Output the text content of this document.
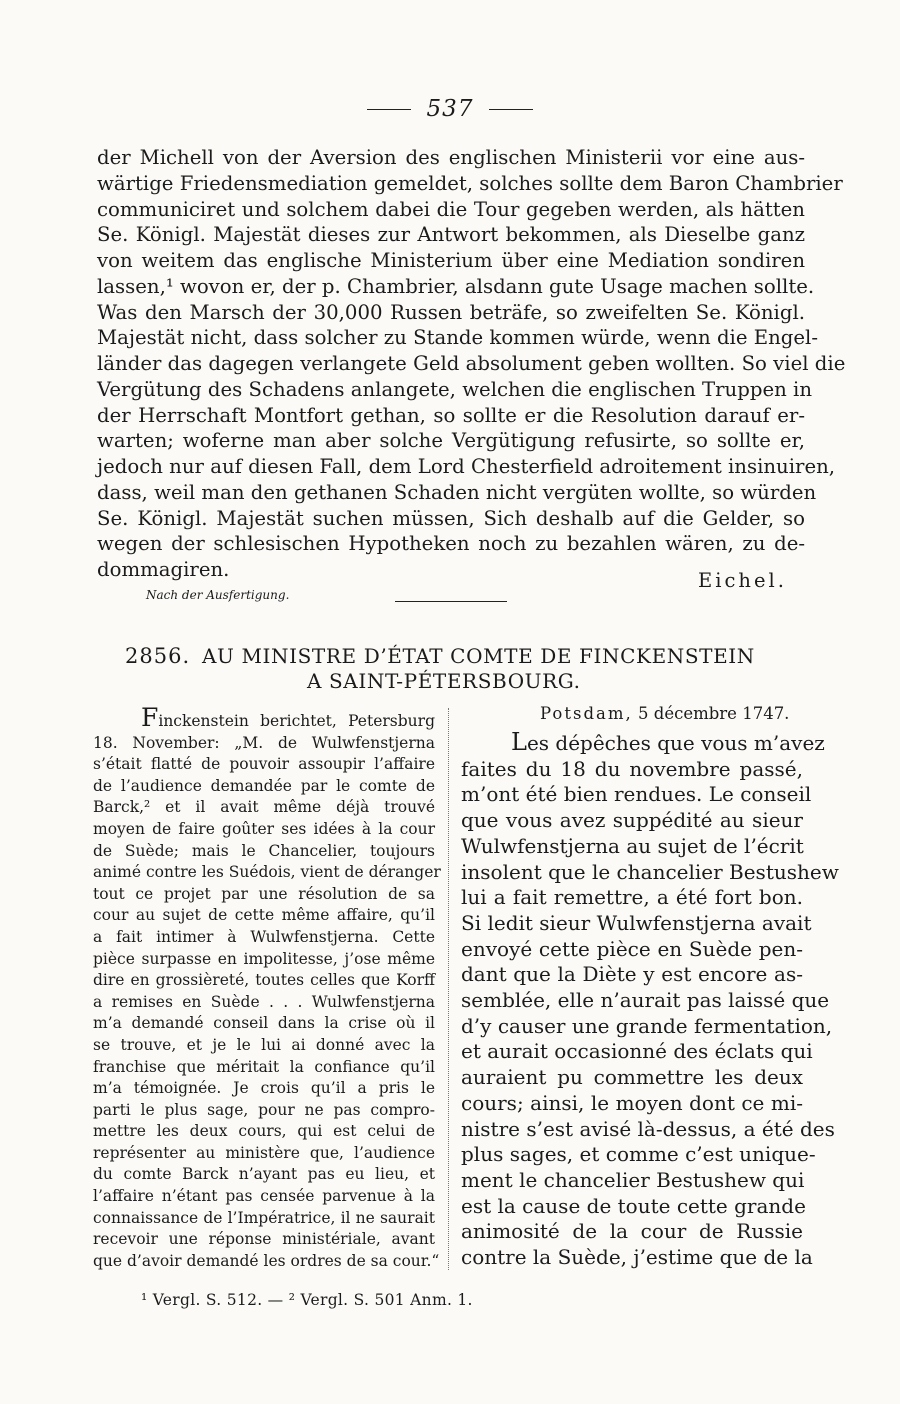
537
der Michell von der Aversion des englischen Ministerii vor eine aus-
wärtige Friedensmediation gemeldet, solches sollte dem Baron Chambrier
communiciret und solchem dabei die Tour gegeben werden, als hätten
Se. Königl. Majestät dieses zur Antwort bekommen, als Dieselbe ganz
von weitem das englische Ministerium über eine Mediation sondiren
lassen,¹ wovon er, der p. Chambrier, alsdann gute Usage machen sollte.
Was den Marsch der 30,000 Russen beträfe, so zweifelten Se. Königl.
Majestät nicht, dass solcher zu Stande kommen würde, wenn die Engel-
länder das dagegen verlangete Geld absolument geben wollten. So viel die
Vergütung des Schadens anlangete, welchen die englischen Truppen in
der Herrschaft Montfort gethan, so sollte er die Resolution darauf er-
warten; woferne man aber solche Vergütigung refusirte, so sollte er,
jedoch nur auf diesen Fall, dem Lord Chesterfield adroitement insinuiren,
dass, weil man den gethanen Schaden nicht vergüten wollte, so würden
Se. Königl. Majestät suchen müssen, Sich deshalb auf die Gelder, so
wegen der schlesischen Hypotheken noch zu bezahlen wären, zu de-
dommagiren.	Eichel.
Nach der Ausfertigung.
2856. AU MINISTRE D’ÉTAT COMTE DE FINCKENSTEIN
A SAINT-PÉTERSBOURG.
Finckenstein berichtet, Petersburg
18. November: „M. de Wulwfenstjerna
s’était flatté de pouvoir assoupir l’affaire
de l’audience demandée par le comte de
Barck,² et il avait même déjà trouvé
moyen de faire goûter ses idées à la cour
de Suède; mais le Chancelier, toujours
animé contre les Suédois, vient de déranger
tout ce projet par une résolution de sa
cour au sujet de cette même affaire, qu’il
a fait intimer à Wulwfenstjerna. Cette
pièce surpasse en impolitesse, j’ose même
dire en grossièreté, toutes celles que Korff
a remises en Suède . . . Wulwfenstjerna
m’a demandé conseil dans la crise où il
se trouve, et je le lui ai donné avec la
franchise que méritait la confiance qu’il
m’a témoignée. Je crois qu’il a pris le
parti le plus sage, pour ne pas compro-
mettre les deux cours, qui est celui de
représenter au ministère que, l’audience
du comte Barck n’ayant pas eu lieu, et
l’affaire n’étant pas censée parvenue à la
connaissance de l’Impératrice, il ne saurait
recevoir une réponse ministériale, avant
que d’avoir demandé les ordres de sa cour.“
Potsdam, 5 décembre 1747.
Les dépêches que vous m’avez
faites du 18 du novembre passé,
m’ont été bien rendues. Le conseil
que vous avez suppédité au sieur
Wulwfenstjerna au sujet de l’écrit
insolent que le chancelier Bestushew
lui a fait remettre, a été fort bon.
Si ledit sieur Wulwfenstjerna avait
envoyé cette pièce en Suède pen-
dant que la Diète y est encore as-
semblée, elle n’aurait pas laissé que
d’y causer une grande fermentation,
et aurait occasionné des éclats qui
auraient pu commettre les deux
cours; ainsi, le moyen dont ce mi-
nistre s’est avisé là-dessus, a été des
plus sages, et comme c’est unique-
ment le chancelier Bestushew qui
est la cause de toute cette grande
animosité de la cour de Russie
contre la Suède, j’estime que de la
¹ Vergl. S. 512. — ² Vergl. S. 501 Anm. 1.
